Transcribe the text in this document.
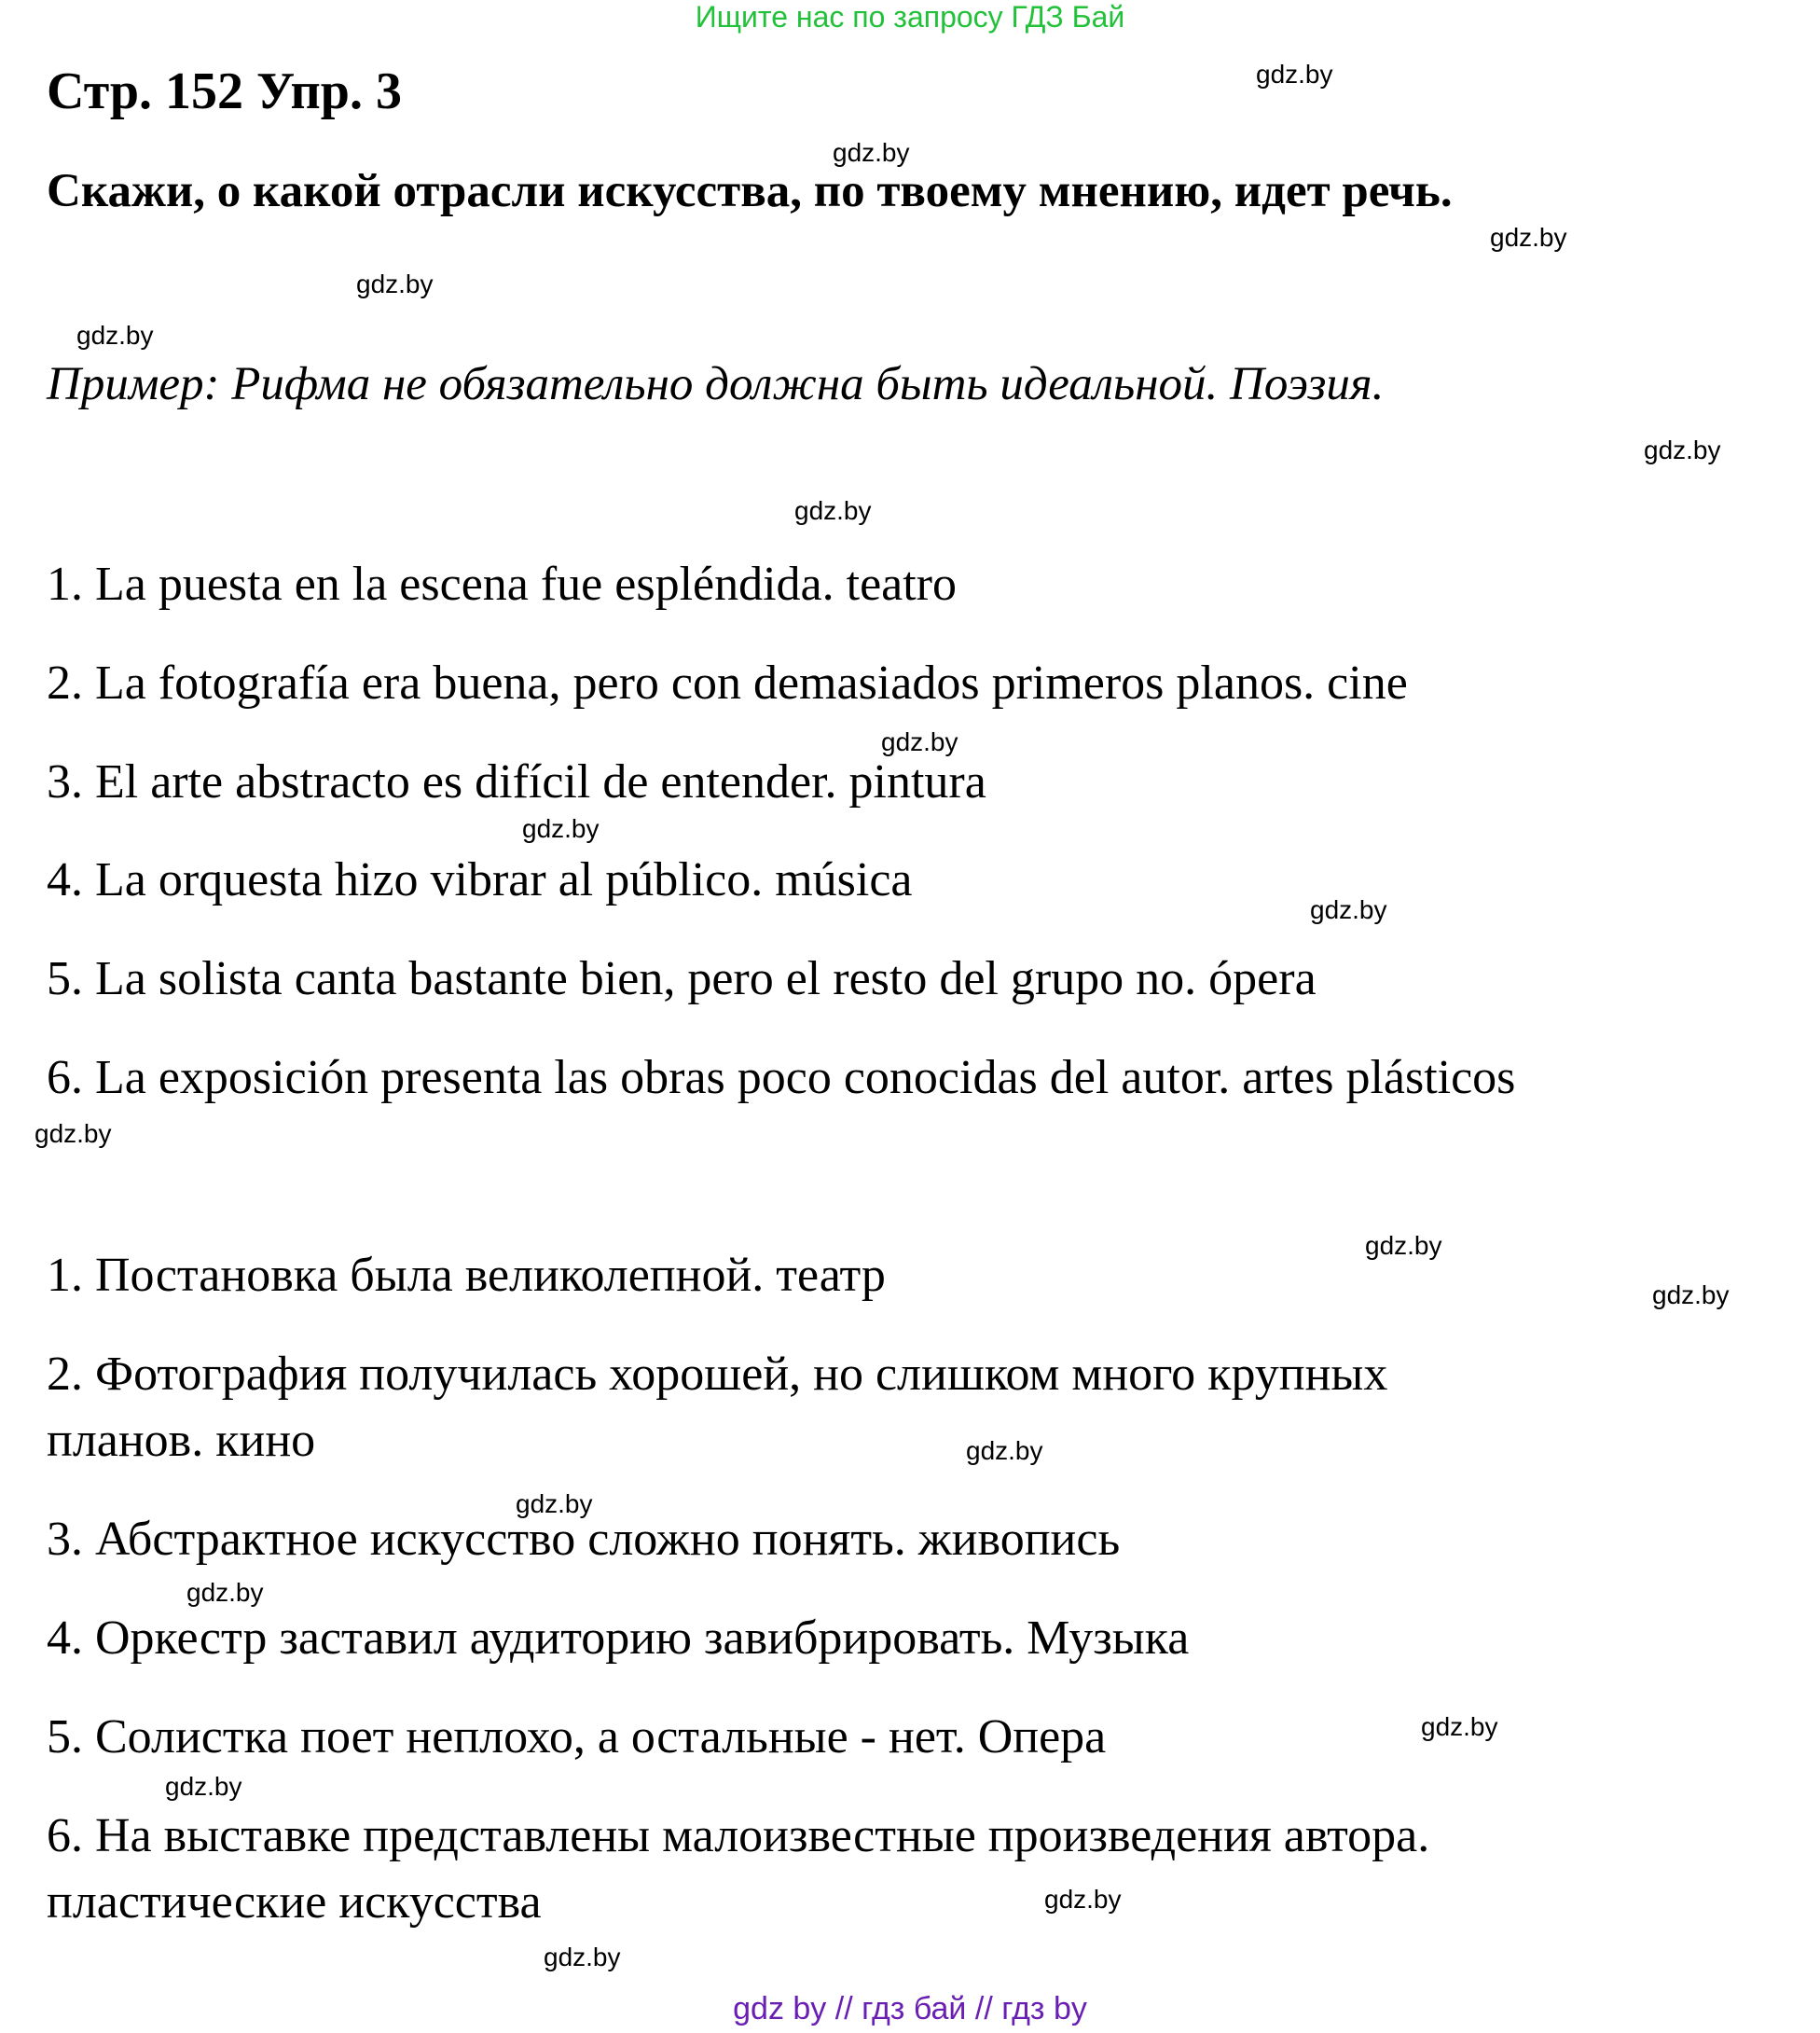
Ищите нас по запросу ГДЗ Бай
Стр. 152 Упр. 3
Скажи, о какой отрасли искусства, по твоему мнению, идет речь.
Пример: Рифма не обязательно должна быть идеальной. Поэзия.
1. La puesta en la escena fue espléndida. teatro
2. La fotografía era buena, pero con demasiados primeros planos. cine
3. El arte abstracto es difícil de entender. pintura
4. La orquesta hizo vibrar al público. música
5. La solista canta bastante bien, pero el resto del grupo no. ópera
6. La exposición presenta las obras poco conocidas del autor. artes plásticos
1. Постановка была великолепной. театр
2. Фотография получилась хорошей, но слишком много крупных
планов. кино
3. Абстрактное искусство сложно понять. живопись
4. Оркестр заставил аудиторию завибрировать. Музыка
5. Солистка поет неплохо, а остальные - нет. Опера
6. На выставке представлены малоизвестные произведения автора.
пластические искусства
gdz.by
gdz.by
gdz.by
gdz.by
gdz.by
gdz.by
gdz.by
gdz.by
gdz.by
gdz.by
gdz.by
gdz.by
gdz.by
gdz.by
gdz.by
gdz.by
gdz.by
gdz.by
gdz.by
gdz.by
gdz by // гдз бай // гдз by
